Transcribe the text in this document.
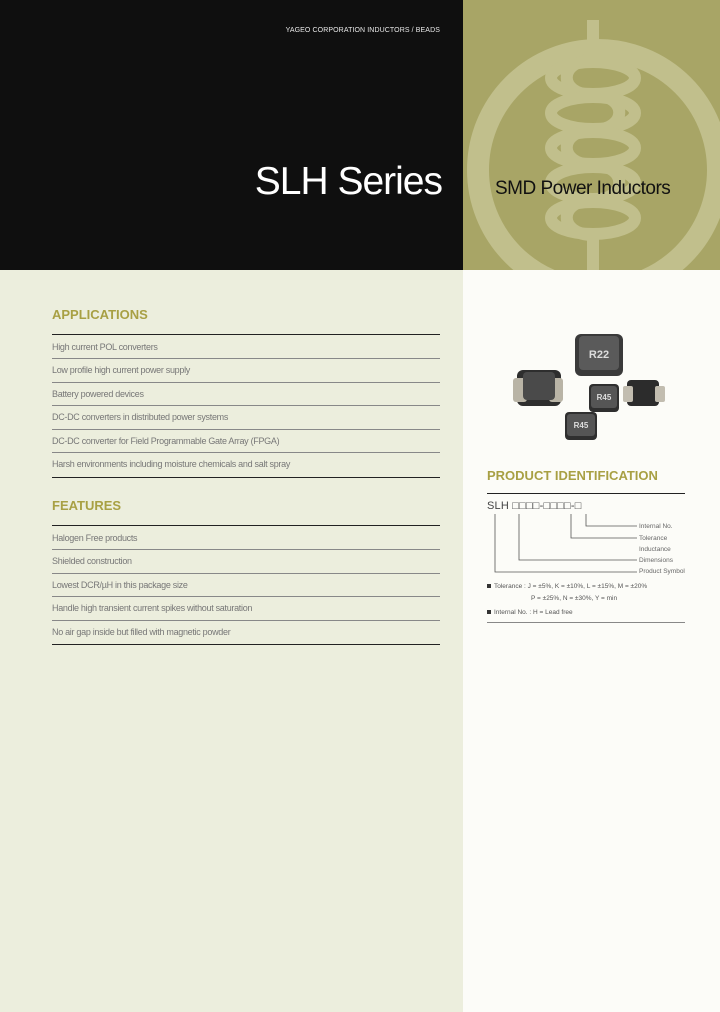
YAGEO CORPORATION INDUCTORS / BEADS
SLH Series	SMD Power Inductors
APPLICATIONS
High current POL converters
Low profile high current power supply
Battery powered devices
DC-DC converters in distributed power systems
DC-DC converter for Field Programmable Gate Array (FPGA)
Harsh environments including moisture chemicals and salt spray
FEATURES
Halogen Free products
Shielded construction
Lowest DCR/µH in this package size
Handle high transient current spikes without saturation
No air gap inside but filled with magnetic powder
R22
R45
R45
PRODUCT IDENTIFICATION
SLH □□□□-□□□□-□
Internal No.
Tolerance
Inductance
Dimensions
Product Symbol
Tolerance : J = ±5%, K = ±10%, L = ±15%, M = ±20%
P = ±25%, N = ±30%, Y = min
Internal No. : H = Lead free
